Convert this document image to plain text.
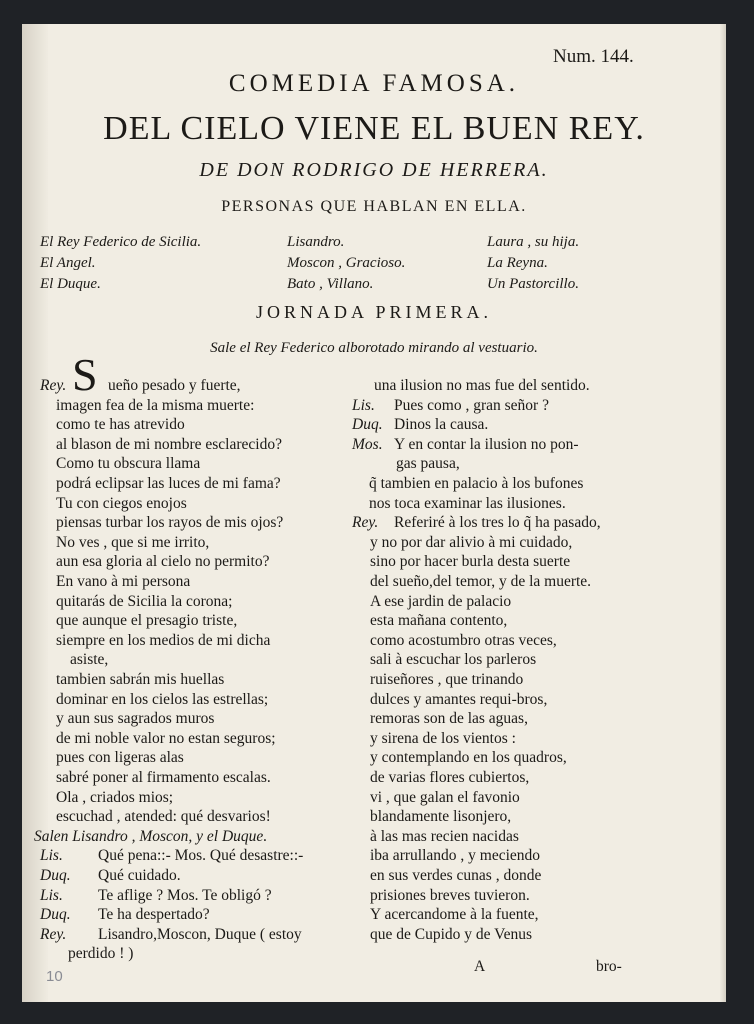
Num. 144.
COMEDIA FAMOSA.
DEL CIELO VIENE EL BUEN REY.
DE DON RODRIGO DE HERRERA.
PERSONAS QUE HABLAN EN ELLA.
El Rey Federico de Sicilia.	Lisandro.	Laura , su hija.
El Angel.	Moscon , Gracioso.	La Reyna.
El Duque.	Bato , Villano.	Un Pastorcillo.
JORNADA PRIMERA.
Sale el Rey Federico alborotado mirando al vestuario.
S
Rey.	ueño pesado y fuerte,
imagen fea de la misma muerte:
como te has atrevido
al blason de mi nombre esclarecido?
Como tu obscura llama
podrá eclipsar las luces de mi fama?
Tu con ciegos enojos
piensas turbar los rayos de mis ojos?
No ves , que si me irrito,
aun esa gloria al cielo no permito?
En vano à mi persona
quitarás de Sicilia la corona;
que aunque el presagio triste,
siempre en los medios de mi dicha
asiste,
tambien sabrán mis huellas
dominar en los cielos las estrellas;
y aun sus sagrados muros
de mi noble valor no estan seguros;
pues con ligeras alas
sabré poner al firmamento escalas.
Ola , criados mios;
escuchad , atended: qué desvarios!
Salen Lisandro , Moscon, y el Duque.
Lis. Qué pena::- Mos. Qué desastre::-
Duq. Qué cuidado.
Lis. Te aflige ? Mos. Te obligó ?
Duq. Te ha despertado?
Rey. Lisandro,Moscon, Duque ( estoy
perdido ! )
una ilusion no mas fue del sentido.
Lis. Pues como , gran señor ?
Duq. Dinos la causa.
Mos. Y en contar la ilusion no pon-
gas pausa,
q̃ tambien en palacio à los bufones
nos toca examinar las ilusiones.
Rey. Referiré à los tres lo q̃ ha pasado,
y no por dar alivio à mi cuidado,
sino por hacer burla desta suerte
del sueño,del temor, y de la muerte.
A ese jardin de palacio
esta mañana contento,
como acostumbro otras veces,
sali à escuchar los parleros
ruiseñores , que trinando
dulces y amantes requi-bros,
remoras son de las aguas,
y sirena de los vientos :
y contemplando en los quadros,
de varias flores cubiertos,
vi , que galan el favonio
blandamente lisonjero,
à las mas recien nacidas
iba arrullando , y meciendo
en sus verdes cunas , donde
prisiones breves tuvieron.
Y acercandome à la fuente,
que de Cupido y de Venus
A	bro-
10
